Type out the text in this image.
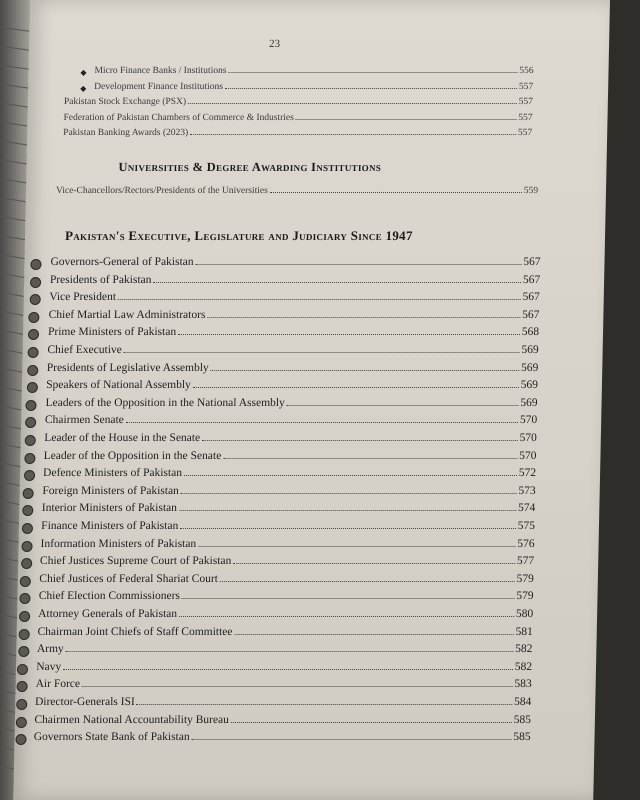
23
Universities & Degree Awarding Institutions
Pakistan's Executive, Legislature and Judiciary Since 1947
Micro Finance Banks / Institutions	556
◆
Development Finance Institutions	557
◆
Pakistan Stock Exchange (PSX)	557
Federation of Pakistan Chambers of Commerce & Industries	557
Pakistan Banking Awards (2023)	557
Vice-Chancellors/Rectors/Presidents of the Universities	559
Governors-General of Pakistan	567
Presidents of Pakistan	567
Vice President	567
Chief Martial Law Administrators	567
Prime Ministers of Pakistan	568
Chief Executive	569
Presidents of Legislative Assembly	569
Speakers of National Assembly	569
Leaders of the Opposition in the National Assembly	569
Chairmen Senate	570
Leader of the House in the Senate	570
Leader of the Opposition in the Senate	570
Defence Ministers of Pakistan	572
Foreign Ministers of Pakistan	573
Interior Ministers of Pakistan	574
Finance Ministers of Pakistan	575
Information Ministers of Pakistan	576
Chief Justices Supreme Court of Pakistan	577
Chief Justices of Federal Shariat Court	579
Chief Election Commissioners	579
Attorney Generals of Pakistan	580
Chairman Joint Chiefs of Staff Committee	581
Army	582
Navy	582
Air Force	583
Director-Generals ISI	584
Chairmen National Accountability Bureau	585
Governors State Bank of Pakistan	585
